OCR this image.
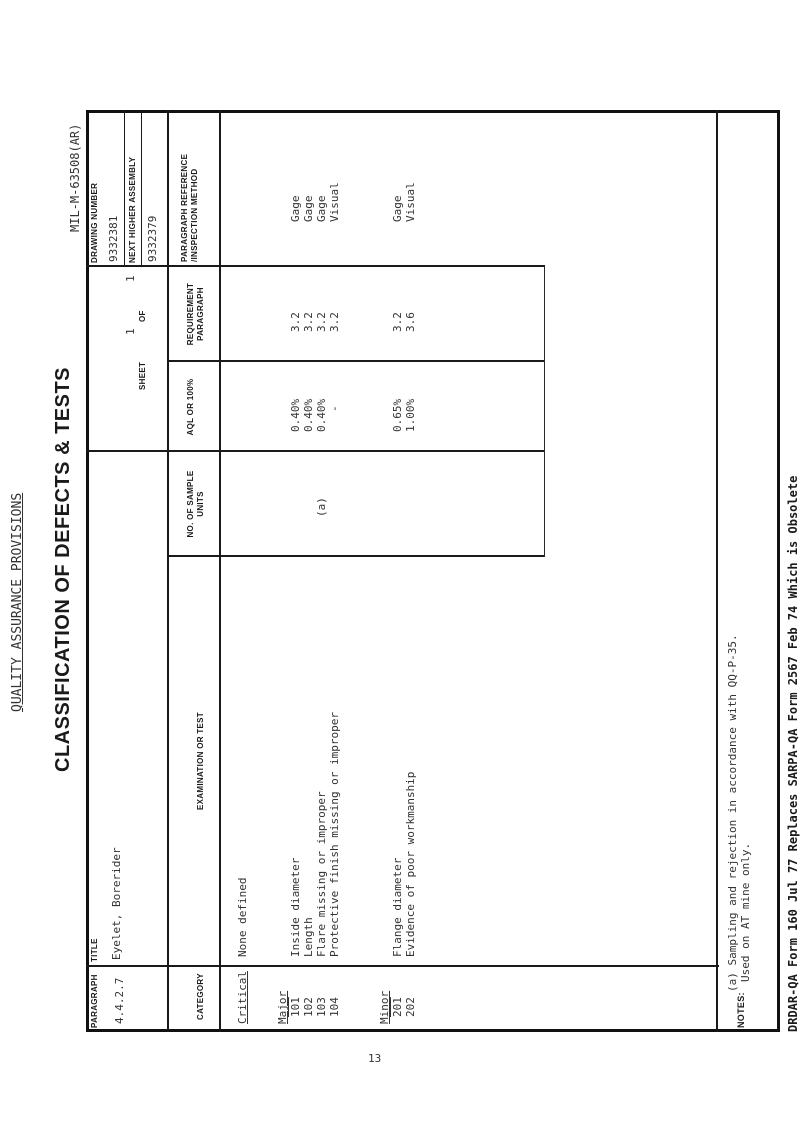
QUALITY ASSURANCE PROVISIONS CLASSIFICATION OF DEFECTS & TESTS
MIL-M-63508(AR)
PARAGRAPH 4.4.2.7
TITLE Eyelet, Borerider
SHEET
1
OF
1
DRAWING NUMBER 9332381 NEXT HIGHER ASSEMBLY 9332379
CATEGORY
EXAMINATION OR TEST
NO. OF SAMPLE UNITS
AQL OR 100%
REQUIREMENT PARAGRAPH
PARAGRAPH REFERENCE /INSPECTION METHOD
Critical
None defined
Major 101 102 103 104
Inside diameter Length Flare missing or improper Protective finish missing or improper
(a)
0.40% 0.40% 0.40% -
3.2 3.2 3.2 3.2
Gage Gage Gage Visual
Minor 201 202
Flange diameter Evidence of poor workmanship
0.65% 1.00%
3.2 3.6
Gage Visual
NOTES:
(a) Sampling and rejection in accordance with QQ-P-35. Used on AT mine only.	DRDAR-QA Form 160 Jul 77 Replaces SARPA-QA Form 2567 Feb 74 Which is Obsolete
13
